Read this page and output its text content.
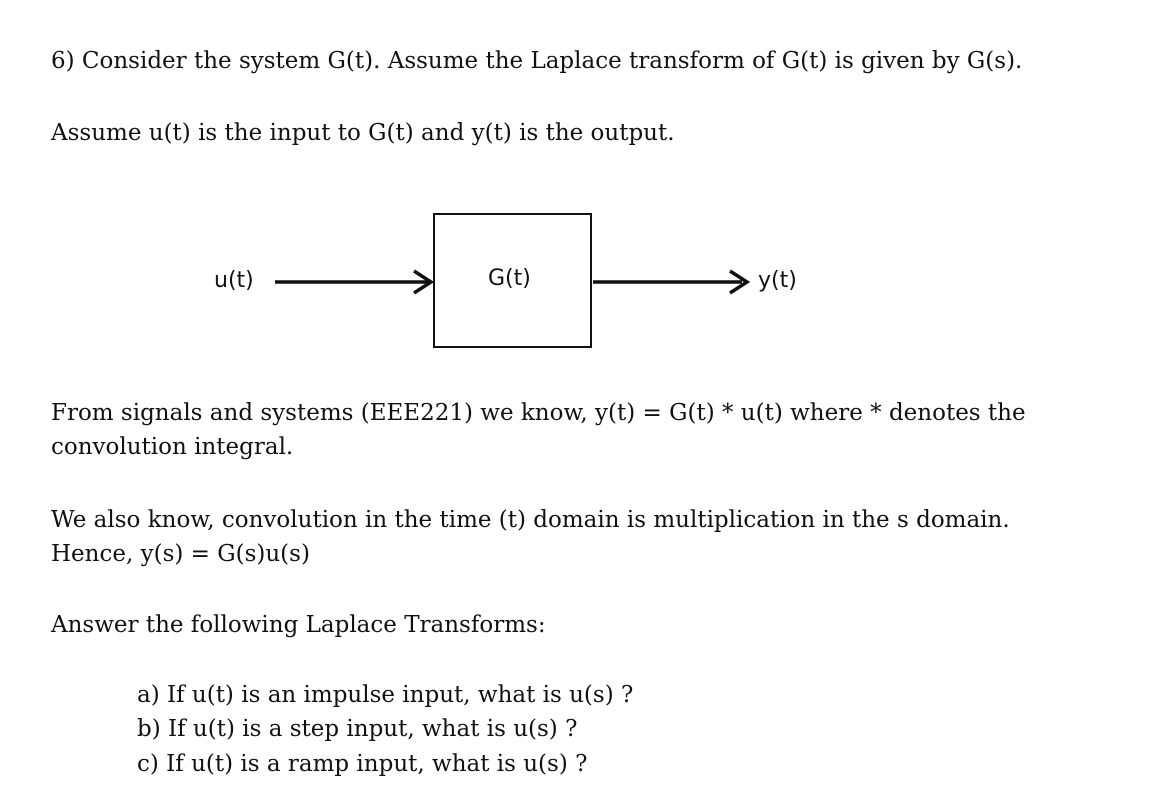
6) Consider the system G(t). Assume the Laplace transform of G(t) is given by G(s).
Assume u(t) is the input to G(t) and y(t) is the output.
u(t)	G(t)	y(t)
From signals and systems (EEE221) we know, y(t) = G(t) * u(t) where * denotes the
convolution integral.
We also know, convolution in the time (t) domain is multiplication in the s domain.
Hence, y(s) = G(s)u(s)
Answer the following Laplace Transforms:
a) If u(t) is an impulse input, what is u(s) ?
b) If u(t) is a step input, what is u(s) ?
c) If u(t) is a ramp input, what is u(s) ?
